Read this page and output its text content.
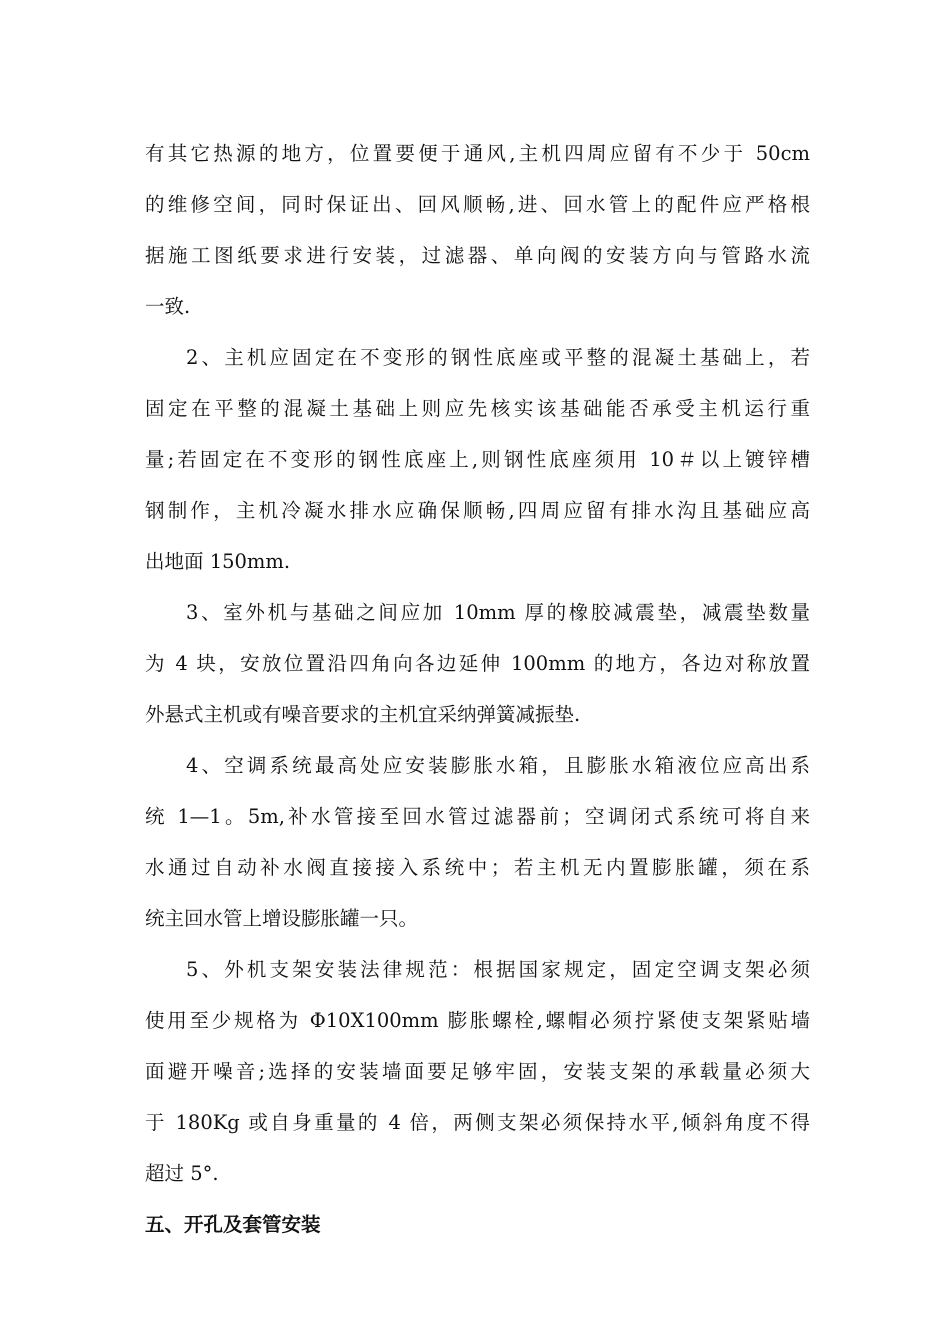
有其它热源的地方，位置要便于通风,主机四周应留有不少于 50cm
的维修空间，同时保证出、回风顺畅,进、回水管上的配件应严格根
据施工图纸要求进行安装，过滤器、单向阀的安装方向与管路水流
一致.
2、主机应固定在不变形的钢性底座或平整的混凝土基础上，若
固定在平整的混凝土基础上则应先核实该基础能否承受主机运行重
量;若固定在不变形的钢性底座上,则钢性底座须用 10＃以上镀锌槽
钢制作，主机冷凝水排水应确保顺畅,四周应留有排水沟且基础应高
出地面 150mm.
3、室外机与基础之间应加 10mm 厚的橡胶减震垫，减震垫数量
为 4 块，安放位置沿四角向各边延伸 100mm 的地方，各边对称放置
外悬式主机或有噪音要求的主机宜采纳弹簧减振垫.
4、空调系统最高处应安装膨胀水箱，且膨胀水箱液位应高出系
统 1—1。5m,补水管接至回水管过滤器前；空调闭式系统可将自来
水通过自动补水阀直接接入系统中；若主机无内置膨胀罐，须在系
统主回水管上增设膨胀罐一只。
5、外机支架安装法律规范：根据国家规定，固定空调支架必须
使用至少规格为 Φ10X100mm 膨胀螺栓,螺帽必须拧紧使支架紧贴墙
面避开噪音;选择的安装墙面要足够牢固，安装支架的承载量必须大
于 180Kg 或自身重量的 4 倍，两侧支架必须保持水平,倾斜角度不得
超过 5°.
五、开孔及套管安装
